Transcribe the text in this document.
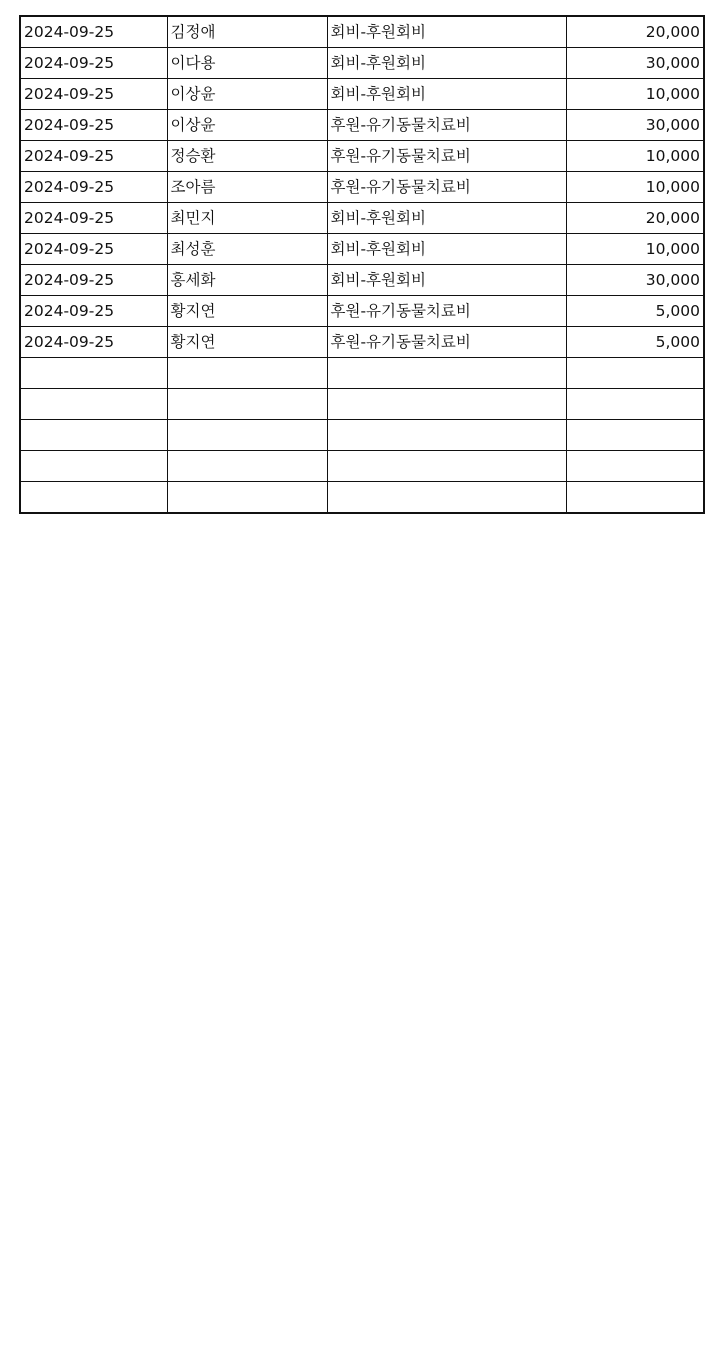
2024-09-25	김정애	회비-후원회비	20,000
2024-09-25	이다용	회비-후원회비	30,000
2024-09-25	이상윤	회비-후원회비	10,000
2024-09-25	이상윤	후원-유기동물치료비	30,000
2024-09-25	정승환	후원-유기동물치료비	10,000
2024-09-25	조아름	후원-유기동물치료비	10,000
2024-09-25	최민지	회비-후원회비	20,000
2024-09-25	최성훈	회비-후원회비	10,000
2024-09-25	홍세화	회비-후원회비	30,000
2024-09-25	황지연	후원-유기동물치료비	5,000
2024-09-25	황지연	후원-유기동물치료비	5,000
